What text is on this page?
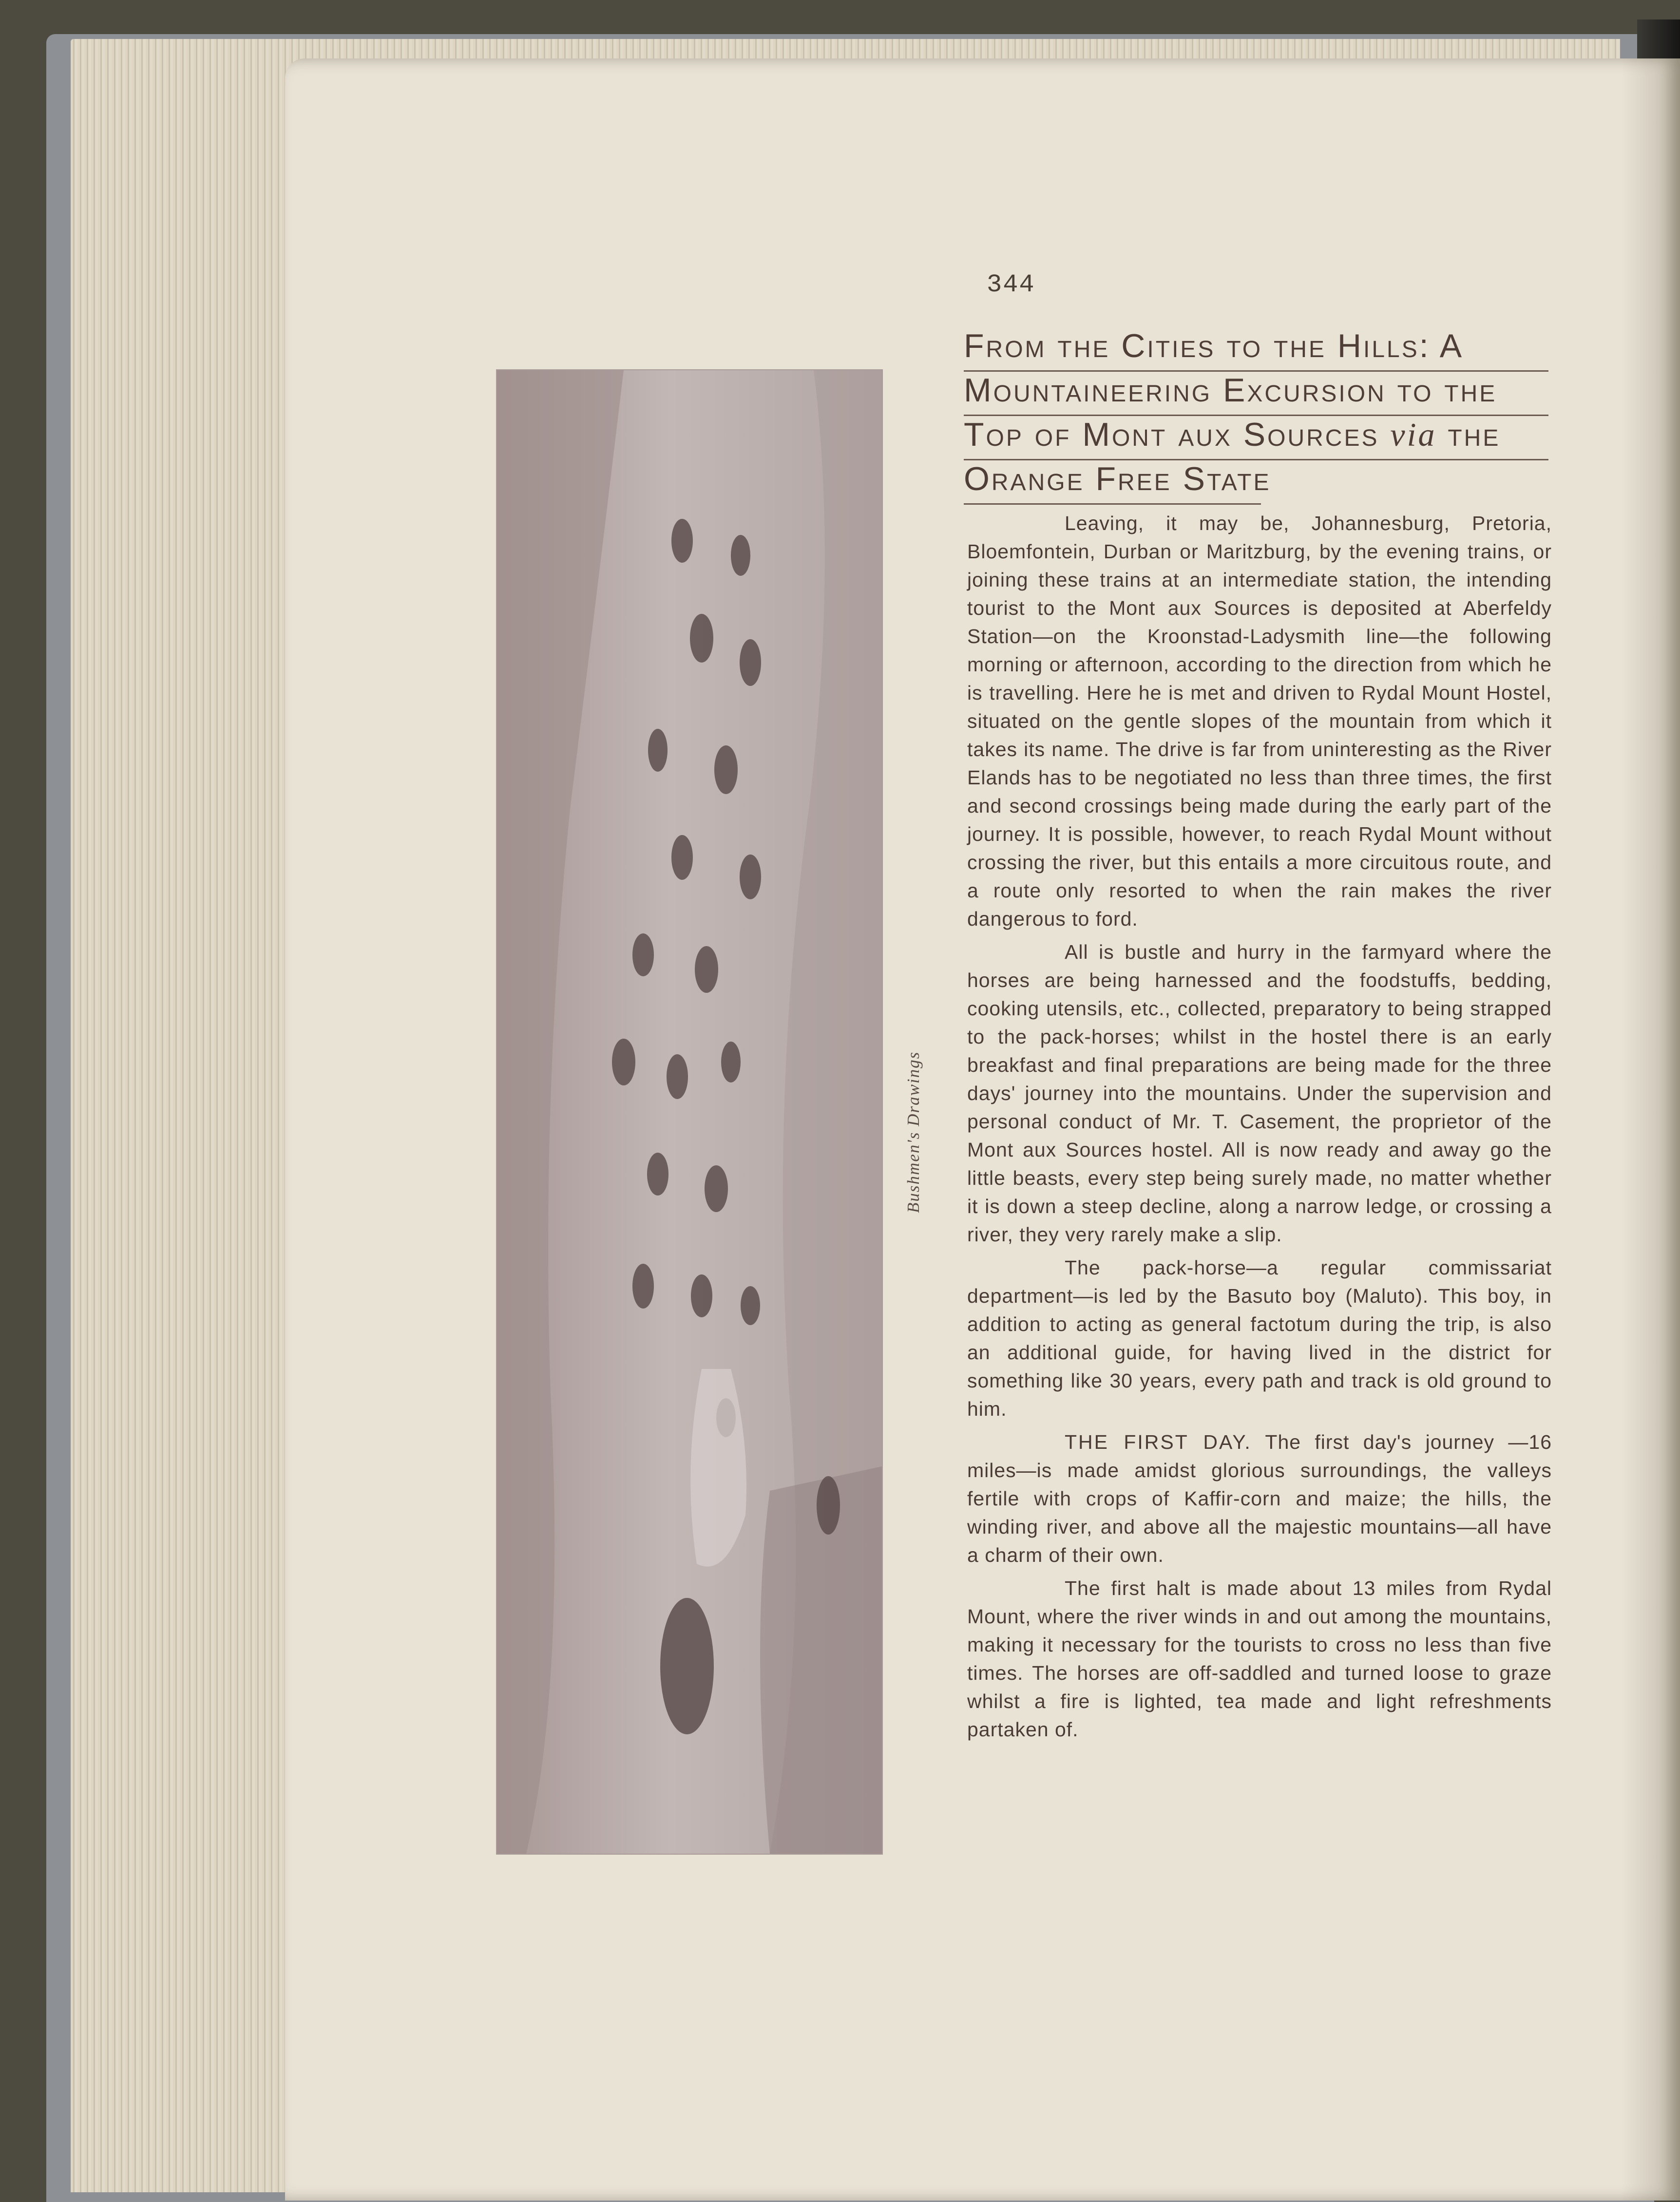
344
Bushmen's Drawings
From the Cities to the Hills: A
Mountaineering Excursion to the
Top of Mont aux Sources via the
Orange Free State

Leaving, it may be, Johannesburg, Pretoria, Bloemfontein, Durban or Maritzburg, by the evening trains, or joining these trains at an intermediate station, the intending tourist to the Mont aux Sources is deposited at Aberfeldy Station—on the Kroonstad-Ladysmith line—the following morning or afternoon, according to the direction from which he is travelling. Here he is met and driven to Rydal Mount Hostel, situated on the gentle slopes of the mountain from which it takes its name. The drive is far from uninteresting as the River Elands has to be negotiated no less than three times, the first and second crossings being made during the early part of the journey. It is possible, however, to reach Rydal Mount without crossing the river, but this entails a more circuitous route, and a route only resorted to when the rain makes the river dangerous to ford.

All is bustle and hurry in the farmyard where the horses are being harnessed and the foodstuffs, bedding, cooking utensils, etc., collected, preparatory to being strapped to the pack-horses; whilst in the hostel there is an early breakfast and final preparations are being made for the three days' journey into the mountains. Under the supervision and personal conduct of Mr. T. Casement, the proprietor of the Mont aux Sources hostel. All is now ready and away go the little beasts, every step being surely made, no matter whether it is down a steep decline, along a narrow ledge, or crossing a river, they very rarely make a slip.

The pack-horse—a regular commissariat department—is led by the Basuto boy (Maluto). This boy, in addition to acting as general factotum during the trip, is also an additional guide, for having lived in the district for something like 30 years, every path and track is old ground to him.

THE FIRST DAY. The first day's journey —16 miles—is made amidst glorious surroundings, the valleys fertile with crops of Kaffir-corn and maize; the hills, the winding river, and above all the majestic mountains—all have a charm of their own.

The first halt is made about 13 miles from Rydal Mount, where the river winds in and out among the mountains, making it necessary for the tourists to cross no less than five times. The horses are off-saddled and turned loose to graze whilst a fire is lighted, tea made and light refreshments partaken of.
